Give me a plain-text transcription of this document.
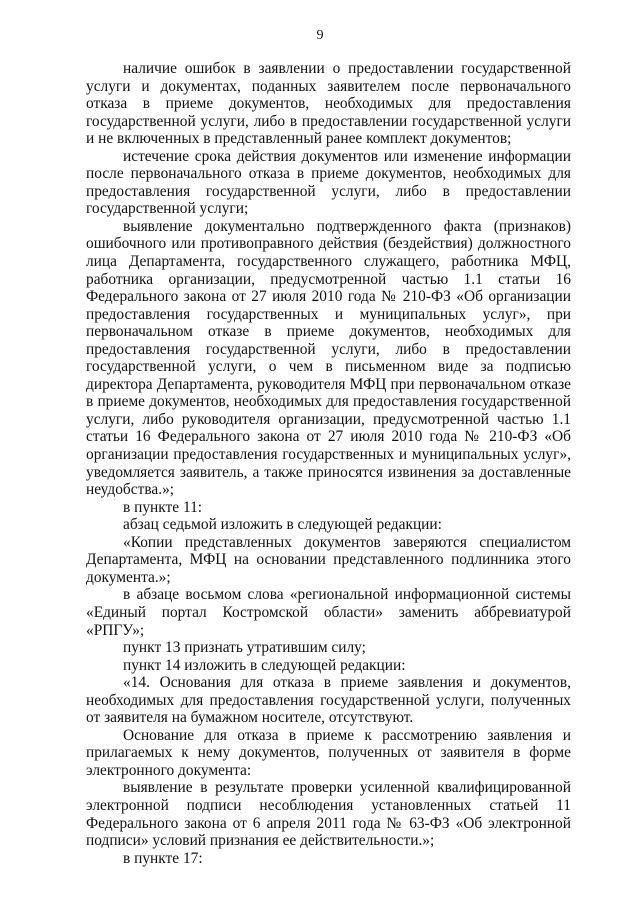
9

наличие ошибок в заявлении о предоставлении государственной услуги и документах, поданных заявителем после первоначального отказа в приеме документов, необходимых для предоставления государственной услуги, либо в предоставлении государственной услуги и не включенных в представленный ранее комплект документов;

истечение срока действия документов или изменение информации после первоначального отказа в приеме документов, необходимых для предоставления государственной услуги, либо в предоставлении государственной услуги;

выявление документально подтвержденного факта (признаков) ошибочного или противоправного действия (бездействия) должностного лица Департамента, государственного служащего, работника МФЦ, работника организации, предусмотренной частью 1.1 статьи 16 Федерального закона от 27 июля 2010 года № 210-ФЗ «Об организации предоставления государственных и муниципальных услуг», при первоначальном отказе в приеме документов, необходимых для предоставления государственной услуги, либо в предоставлении государственной услуги, о чем в письменном виде за подписью директора Департамента, руководителя МФЦ при первоначальном отказе в приеме документов, необходимых для предоставления государственной услуги, либо руководителя организации, предусмотренной частью 1.1 статьи 16 Федерального закона от 27 июля 2010 года № 210-ФЗ «Об организации предоставления государственных и муниципальных услуг», уведомляется заявитель, а также приносятся извинения за доставленные неудобства.»;

в пункте 11:

абзац седьмой изложить в следующей редакции:

«Копии представленных документов заверяются специалистом Департамента, МФЦ на основании представленного подлинника этого документа.»;

в абзаце восьмом слова «региональной информационной системы «Единый портал Костромской области» заменить аббревиатурой «РПГУ»;

пункт 13 признать утратившим силу;

пункт 14 изложить в следующей редакции:

«14. Основания для отказа в приеме заявления и документов, необходимых для предоставления государственной услуги, полученных от заявителя на бумажном носителе, отсутствуют.

Основание для отказа в приеме к рассмотрению заявления и прилагаемых к нему документов, полученных от заявителя в форме электронного документа:

выявление в результате проверки усиленной квалифицированной электронной подписи несоблюдения установленных статьей 11 Федерального закона от 6 апреля 2011 года № 63-ФЗ «Об электронной подписи» условий признания ее действительности.»;

в пункте 17:
